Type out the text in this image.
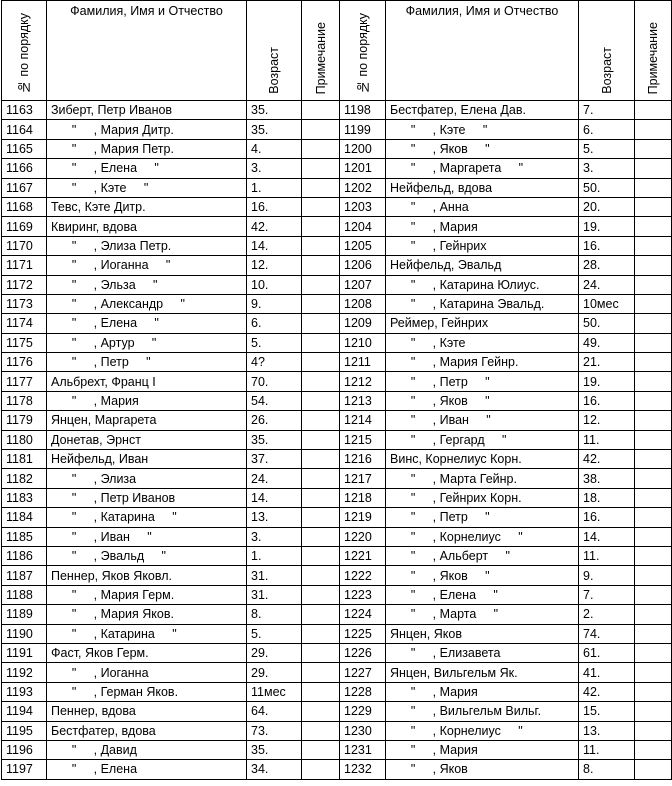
№ по порядку	Фамилия, Имя и Отчество	Возраст	Примечание	№ по порядку	Фамилия, Имя и Отчество	Возраст	Примечание

1163	Зиберт, Петр Иванов	35.		1198	Бестфатер, Елена Дав.	7.	
1164	"     , Мария Дитр.	35.		1199	"     , Кэте     "	6.	
1165	"     , Мария Петр.	4.		1200	"     , Яков     "	5.	
1166	"     , Елена     "	3.		1201	"     , Маргарета     "	3.	
1167	"     , Кэте     "	1.		1202	Нейфельд, вдова	50.	
1168	Тевс, Кэте Дитр.	16.		1203	"     , Анна	20.	
1169	Квиринг, вдова	42.		1204	"     , Мария	19.	
1170	"     , Элиза Петр.	14.		1205	"     , Гейнрих	16.	
1171	"     , Иоганна     "	12.		1206	Нейфельд, Эвальд	28.	
1172	"     , Эльза     "	10.		1207	"     , Катарина Юлиус.	24.	
1173	"     , Александр     "	9.		1208	"     , Катарина Эвальд.	10мес	
1174	"     , Елена     "	6.		1209	Реймер, Гейнрих	50.	
1175	"     , Артур     "	5.		1210	"     , Кэте	49.	
1176	"     , Петр     "	4?		1211	"     , Мария Гейнр.	21.	
1177	Альбрехт, Франц I	70.		1212	"     , Петр     "	19.	
1178	"     , Мария	54.		1213	"     , Яков     "	16.	
1179	Янцен, Маргарета	26.		1214	"     , Иван     "	12.	
1180	Донетав, Эрнст	35.		1215	"     , Гергард     "	11.	
1181	Нейфельд, Иван	37.		1216	Винс, Корнелиус Корн.	42.	
1182	"     , Элиза	24.		1217	"     , Марта Гейнр.	38.	
1183	"     , Петр Иванов	14.		1218	"     , Гейнрих Корн.	18.	
1184	"     , Катарина     "	13.		1219	"     , Петр     "	16.	
1185	"     , Иван     "	3.		1220	"     , Корнелиус     "	14.	
1186	"     , Эвальд     "	1.		1221	"     , Альберт     "	11.	
1187	Пеннер, Яков Яковл.	31.		1222	"     , Яков     "	9.	
1188	"     , Мария Герм.	31.		1223	"     , Елена     "	7.	
1189	"     , Мария Яков.	8.		1224	"     , Марта     "	2.	
1190	"     , Катарина     "	5.		1225	Янцен, Яков	74.	
1191	Фаст, Яков Герм.	29.		1226	"     , Елизавета	61.	
1192	"     , Иоганна	29.		1227	Янцен, Вильгельм Як.	41.	
1193	"     , Герман Яков.	11мес		1228	"     , Мария	42.	
1194	Пеннер, вдова	64.		1229	"     , Вильгельм Вильг.	15.	
1195	Бестфатер, вдова	73.		1230	"     , Корнелиус     "	13.	
1196	"     , Давид	35.		1231	"     , Мария	11.	
1197	"     , Елена	34.		1232	"     , Яков	8.	
